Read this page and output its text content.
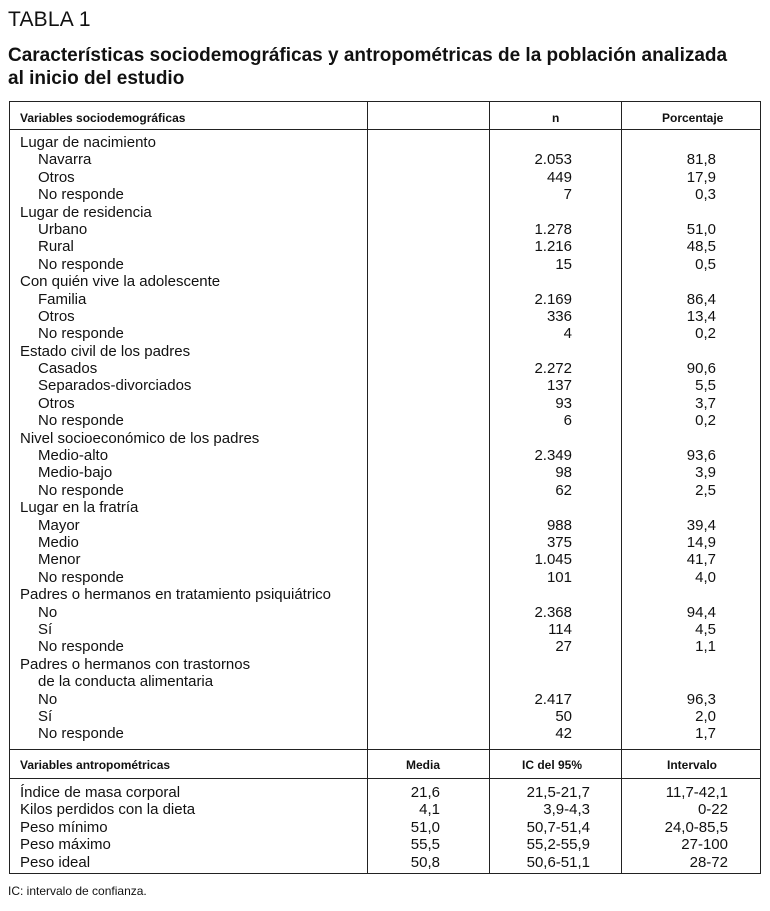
TABLA 1
Características sociodemográficas y antropométricas de la población analizada
al inicio del estudio
Variables sociodemográficas	n	Porcentaje
Lugar de nacimiento
Navarra	2.053	81,8
Otros	449	17,9
No responde	7	0,3
Lugar de residencia
Urbano	1.278	51,0
Rural	1.216	48,5
No responde	15	0,5
Con quién vive la adolescente
Familia	2.169	86,4
Otros	336	13,4
No responde	4	0,2
Estado civil de los padres
Casados	2.272	90,6
Separados-divorciados	137	5,5
Otros	93	3,7
No responde	6	0,2
Nivel socioeconómico de los padres
Medio-alto	2.349	93,6
Medio-bajo	98	3,9
No responde	62	2,5
Lugar en la fratría
Mayor	988	39,4
Medio	375	14,9
Menor	1.045	41,7
No responde	101	4,0
Padres o hermanos en tratamiento psiquiátrico
No	2.368	94,4
Sí	114	4,5
No responde	27	1,1
Padres o hermanos con trastornos
de la conducta alimentaria
No	2.417	96,3
Sí	50	2,0
No responde	42	1,7
Variables antropométricas	Media	IC del 95%	Intervalo
Índice de masa corporal	21,6	21,5-21,7	11,7-42,1
Kilos perdidos con la dieta	4,1	3,9-4,3	0-22
Peso mínimo	51,0	50,7-51,4	24,0-85,5
Peso máximo	55,5	55,2-55,9	27-100
Peso ideal	50,8	50,6-51,1	28-72
IC: intervalo de confianza.
